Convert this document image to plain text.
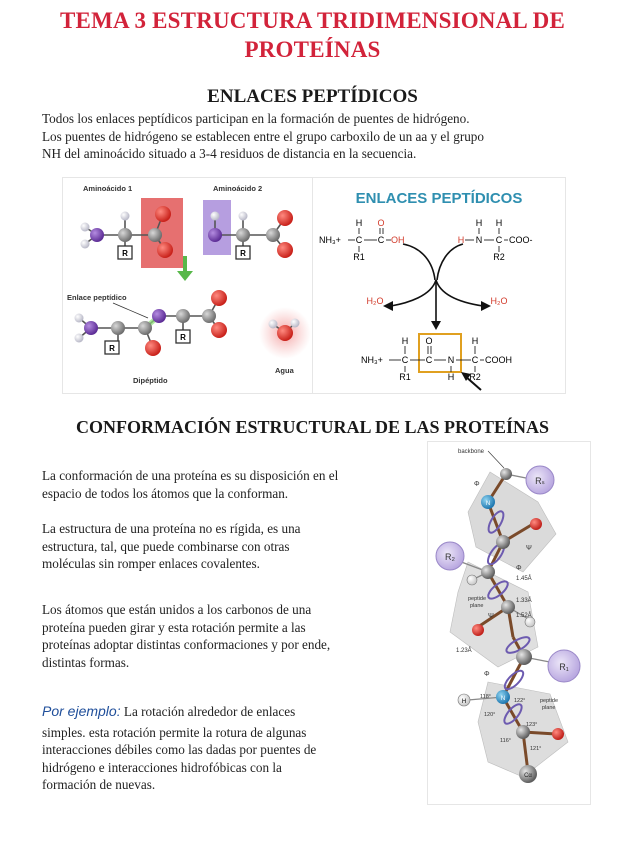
TEMA 3 ESTRUCTURA TRIDIMENSIONAL DE
PROTEÍNAS
ENLACES PEPTÍDICOS
Todos los enlaces peptídicos participan en la formación de puentes de hidrógeno.
Los puentes de hidrógeno se establecen entre el grupo carboxilo de un aa y el grupo
NH del aminoácido situado a 3-4 residuos de distancia en la secuencia.
Aminoácido 1	Aminoácido 2
R	R
Enlace peptídico
R
R
Dipéptido
Agua
ENLACES PEPTÍDICOS
NH₃+
H
C
R1
O
C OH
H H
H N C COO-
R2
H₂O	H₂O
NH₃+
H
C
R1
O
C N
H
H
C
R2
COOH
CONFORMACIÓN ESTRUCTURAL DE LAS PROTEÍNAS
La conformación de una proteína es su disposición en el
espacio de todos los átomos que la conforman.
La estructura de una proteína no es rígida, es una
estructura, tal, que puede combinarse con otras
moléculas sin romper enlaces covalentes.
Los átomos que están unidos a los carbonos de una
proteína pueden girar y esta rotación permite a las
proteínas adoptar distintas conformaciones y por ende,
distintas formas.
Por ejemplo: La rotación alrededor de enlaces
simples. esta rotación permite la rotura de algunas
interacciones débiles como las dadas por puentes de
hidrógeno e interacciones hidrofóbicas con la
formación de nuevas.
Rₛ
R₂
R₁
N
N
H
Cα
backbone
Φ
Ψ
Φ
1.45Å
peptide
plane
1.33Å
1.52Å
Ψ
1.23Å
Φ
118°
122°
120°
peptide
plane
123°
116°
121°
